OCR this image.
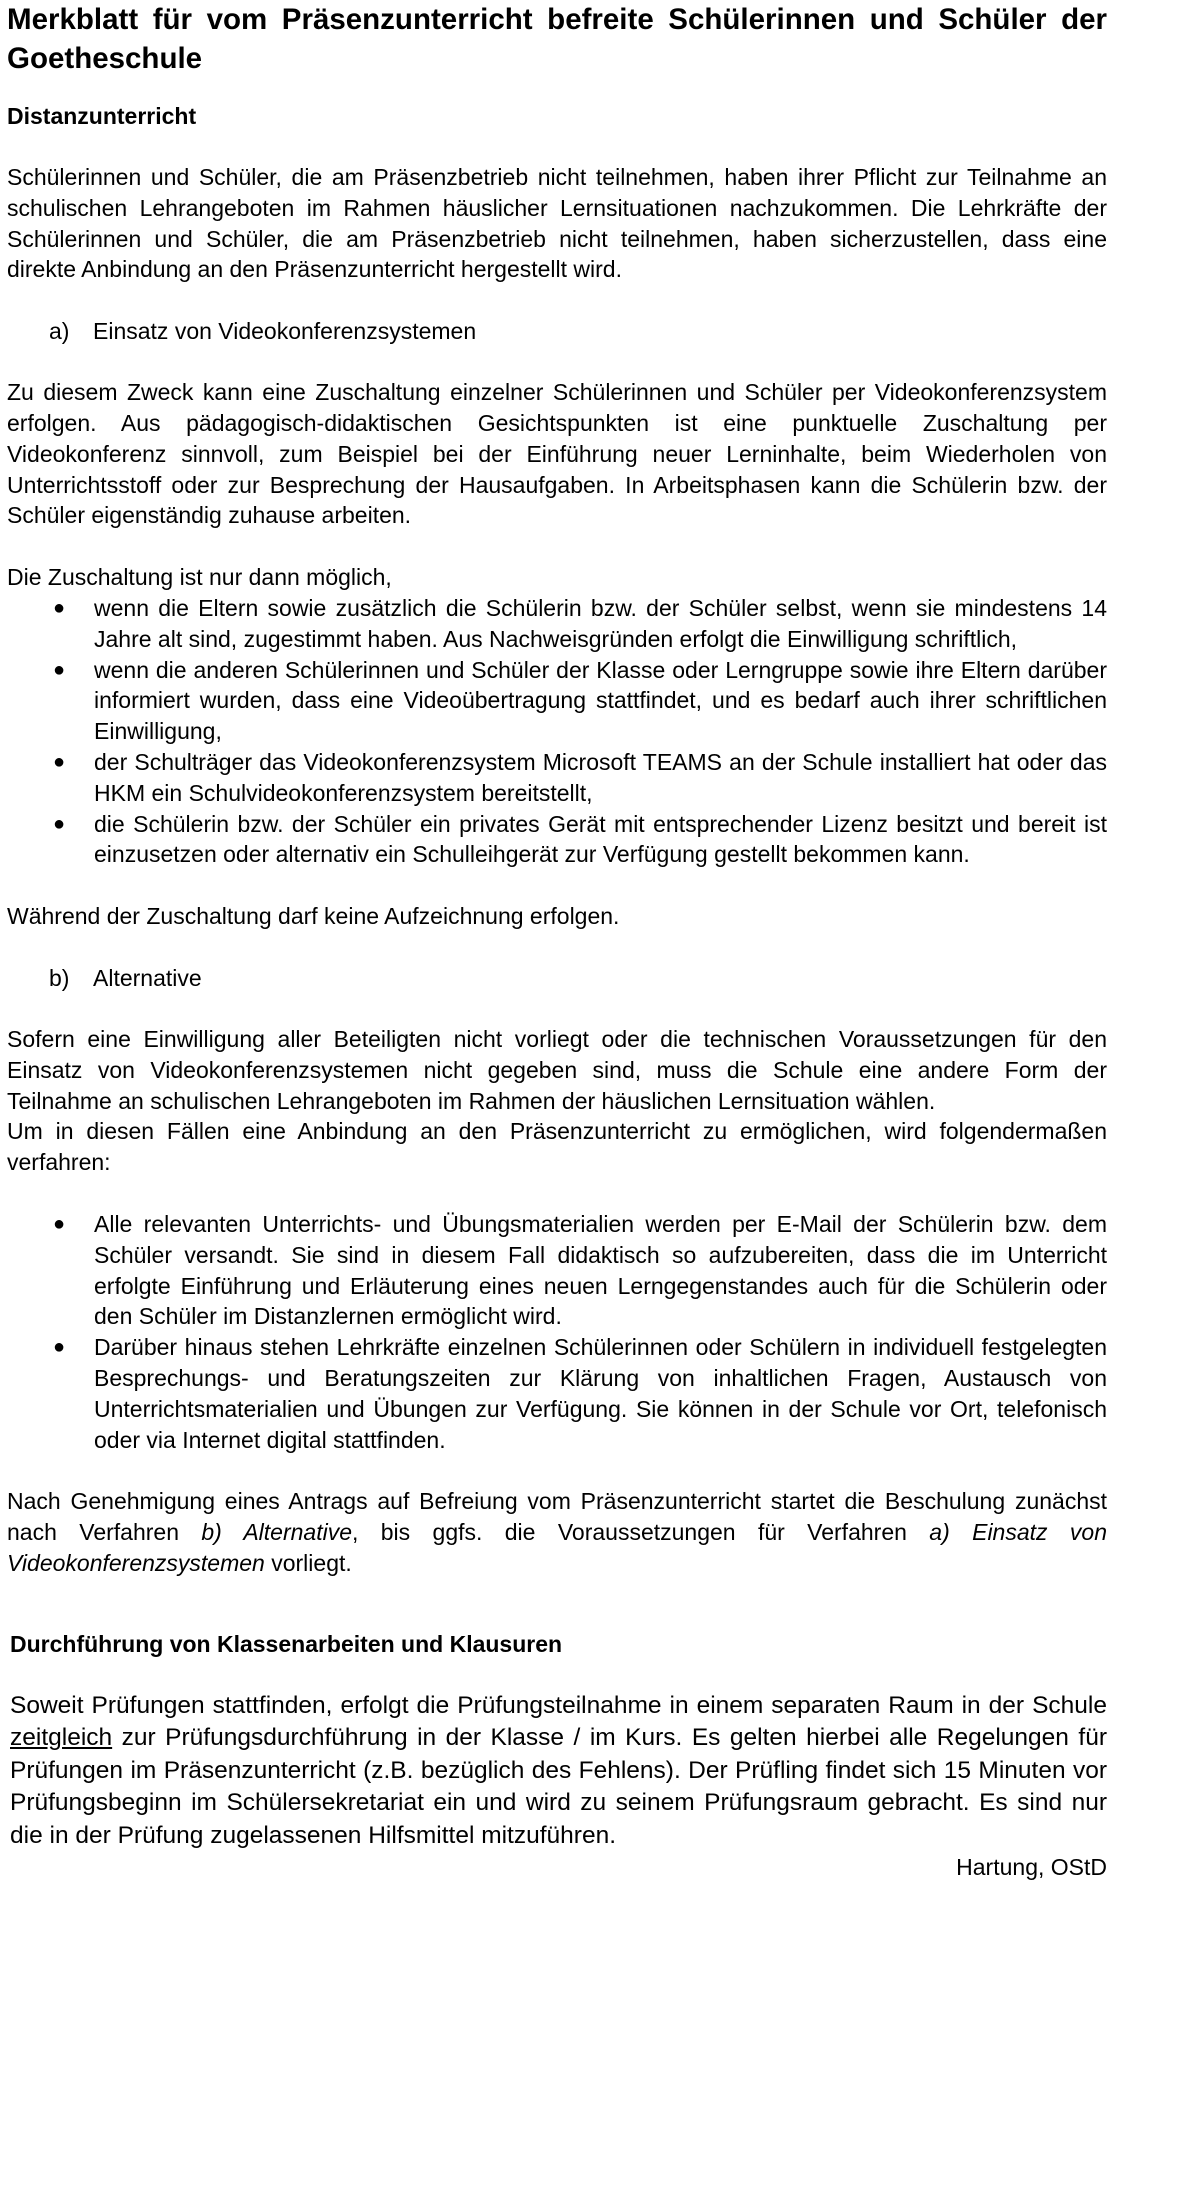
Merkblatt für vom Präsenzunterricht befreite Schülerinnen und Schüler der Goetheschule
Distanzunterricht

Schülerinnen und Schüler, die am Präsenzbetrieb nicht teilnehmen, haben ihrer Pflicht zur Teilnahme an schulischen Lehrangeboten im Rahmen häuslicher Lernsituationen nachzukommen. Die Lehrkräfte der Schülerinnen und Schüler, die am Präsenzbetrieb nicht teilnehmen, haben sicherzustellen, dass eine direkte Anbindung an den Präsenzunterricht hergestellt wird.

a)	Einsatz von Videokonferenzsystemen

Zu diesem Zweck kann eine Zuschaltung einzelner Schülerinnen und Schüler per Videokonferenzsystem erfolgen. Aus pädagogisch-didaktischen Gesichtspunkten ist eine punktuelle Zuschaltung per Videokonferenz sinnvoll, zum Beispiel bei der Einführung neuer Lerninhalte, beim Wiederholen von Unterrichtsstoff oder zur Besprechung der Hausaufgaben. In Arbeitsphasen kann die Schülerin bzw. der Schüler eigenständig zuhause arbeiten.

Die Zuschaltung ist nur dann möglich,

● wenn die Eltern sowie zusätzlich die Schülerin bzw. der Schüler selbst, wenn sie mindestens 14 Jahre alt sind, zugestimmt haben. Aus Nachweisgründen erfolgt die Einwilligung schriftlich,
● wenn die anderen Schülerinnen und Schüler der Klasse oder Lerngruppe sowie ihre Eltern darüber informiert wurden, dass eine Videoübertragung stattfindet, und es bedarf auch ihrer schriftlichen Einwilligung,
● der Schulträger das Videokonferenzsystem Microsoft TEAMS an der Schule installiert hat oder das HKM ein Schulvideokonferenzsystem bereitstellt,
● die Schülerin bzw. der Schüler ein privates Gerät mit entsprechender Lizenz besitzt und bereit ist einzusetzen oder alternativ ein Schulleihgerät zur Verfügung gestellt bekommen kann.

Während der Zuschaltung darf keine Aufzeichnung erfolgen.

b)	Alternative

Sofern eine Einwilligung aller Beteiligten nicht vorliegt oder die technischen Voraussetzungen für den Einsatz von Videokonferenzsystemen nicht gegeben sind, muss die Schule eine andere Form der Teilnahme an schulischen Lehrangeboten im Rahmen der häuslichen Lernsituation wählen.

Um in diesen Fällen eine Anbindung an den Präsenzunterricht zu ermöglichen, wird folgendermaßen verfahren:

● Alle relevanten Unterrichts- und Übungsmaterialien werden per E-Mail der Schülerin bzw. dem Schüler versandt. Sie sind in diesem Fall didaktisch so aufzubereiten, dass die im Unterricht erfolgte Einführung und Erläuterung eines neuen Lerngegenstandes auch für die Schülerin oder den Schüler im Distanzlernen ermöglicht wird.
● Darüber hinaus stehen Lehrkräfte einzelnen Schülerinnen oder Schülern in individuell festgelegten Besprechungs- und Beratungszeiten zur Klärung von inhaltlichen Fragen, Austausch von Unterrichtsmaterialien und Übungen zur Verfügung. Sie können in der Schule vor Ort, telefonisch oder via Internet digital stattfinden.

Nach Genehmigung eines Antrags auf Befreiung vom Präsenzunterricht startet die Beschulung zunächst nach Verfahren b) Alternative, bis ggfs. die Voraussetzungen für Verfahren a) Einsatz von Videokonferenzsystemen vorliegt.

Durchführung von Klassenarbeiten und Klausuren

Soweit Prüfungen stattfinden, erfolgt die Prüfungsteilnahme in einem separaten Raum in der Schule zeitgleich zur Prüfungsdurchführung in der Klasse / im Kurs. Es gelten hierbei alle Regelungen für Prüfungen im Präsenzunterricht (z.B. bezüglich des Fehlens). Der Prüfling findet sich 15 Minuten vor Prüfungsbeginn im Schülersekretariat ein und wird zu seinem Prüfungsraum gebracht. Es sind nur die in der Prüfung zugelassenen Hilfsmittel mitzuführen.

Hartung, OStD
